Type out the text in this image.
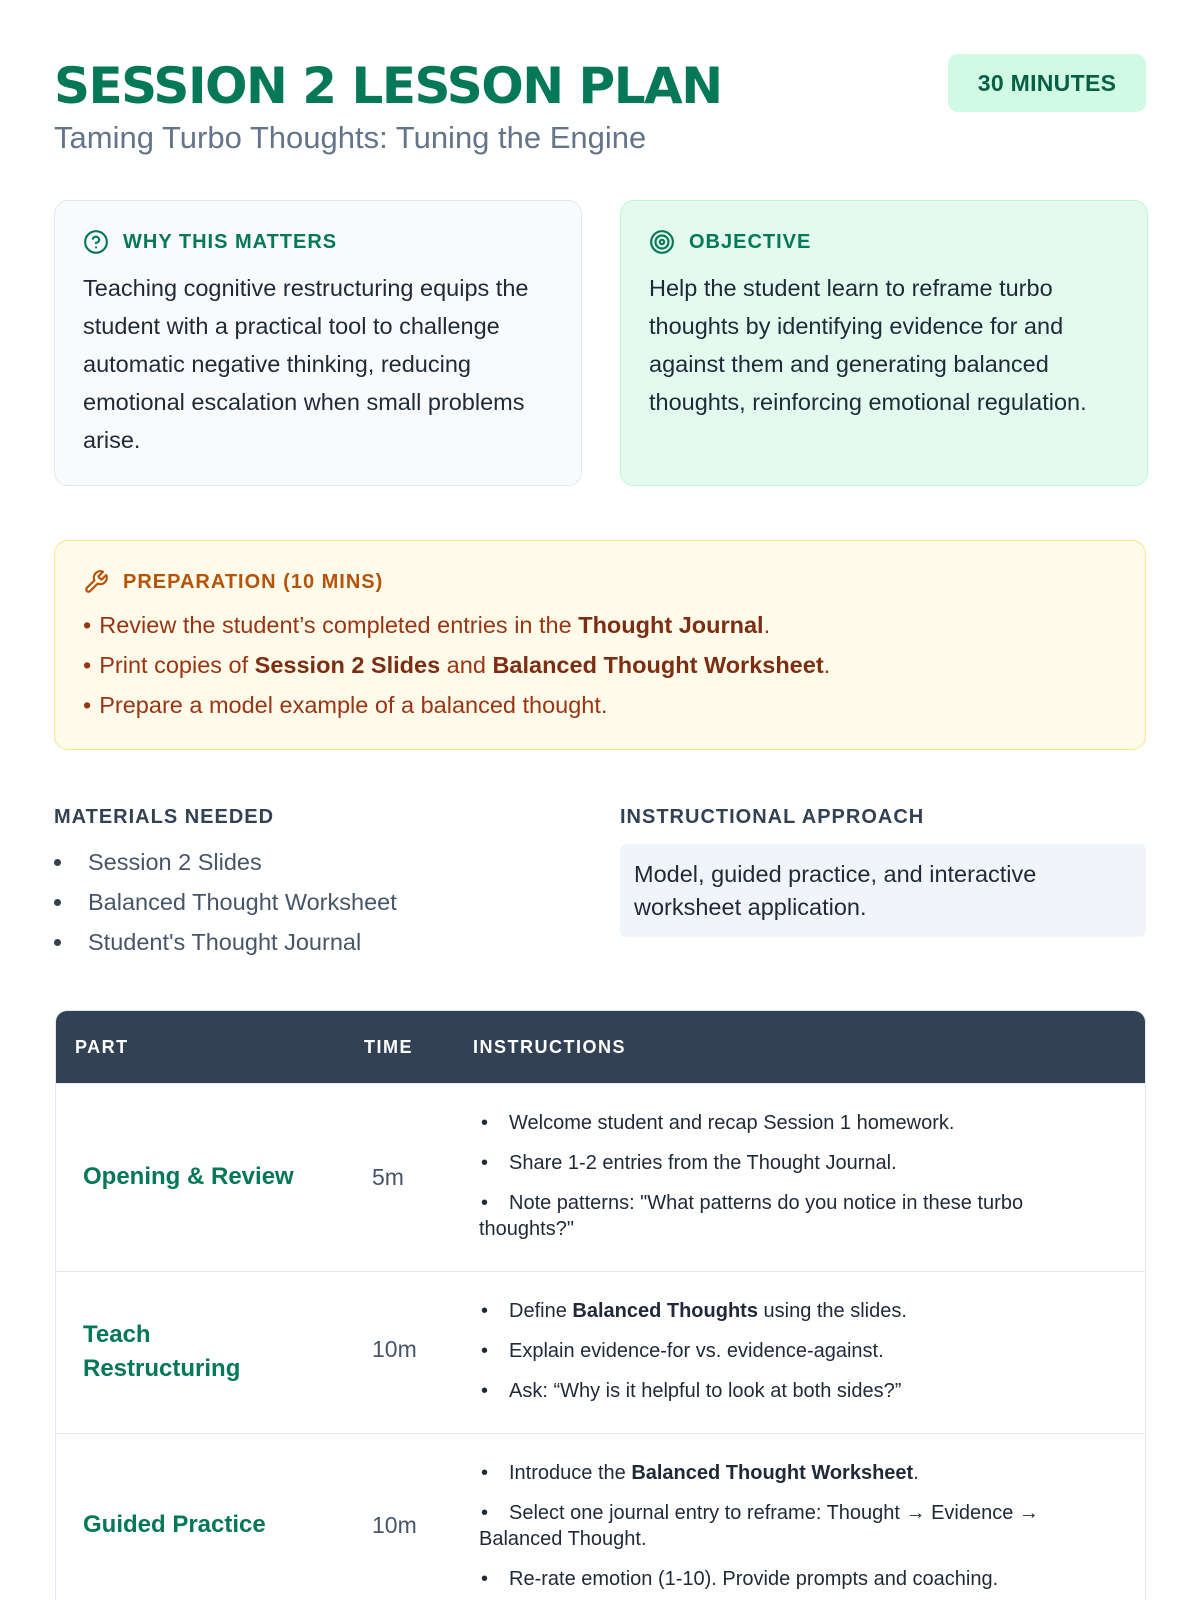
SESSION 2 LESSON PLAN
Taming Turbo Thoughts: Tuning the Engine
30 MINUTES
WHY THIS MATTERS

Teaching cognitive restructuring equips the student with a practical tool to challenge automatic negative thinking, reducing emotional escalation when small problems arise.

OBJECTIVE

Help the student learn to reframe turbo thoughts by identifying evidence for and against them and generating balanced thoughts, reinforcing emotional regulation.

PREPARATION (10 MINS)
• Review the student’s completed entries in the Thought Journal.
• Print copies of Session 2 Slides and Balanced Thought Worksheet.
• Prepare a model example of a balanced thought.
MATERIALS NEEDED
Session 2 Slides
Balanced Thought Worksheet
Student's Thought Journal
INSTRUCTIONAL APPROACH
Model, guided practice, and interactive worksheet application.
PART	TIME	INSTRUCTIONS
Opening & Review	5m
• Welcome student and recap Session 1 homework.
• Share 1-2 entries from the Thought Journal.
• Note patterns: "What patterns do you notice in these turbo thoughts?"
Teach Restructuring
10m
• Define Balanced Thoughts using the slides.
• Explain evidence-for vs. evidence-against.
• Ask: “Why is it helpful to look at both sides?”
Guided Practice	10m
• Introduce the Balanced Thought Worksheet.
• Select one journal entry to reframe: Thought → Evidence → Balanced Thought.
• Re-rate emotion (1-10). Provide prompts and coaching.
